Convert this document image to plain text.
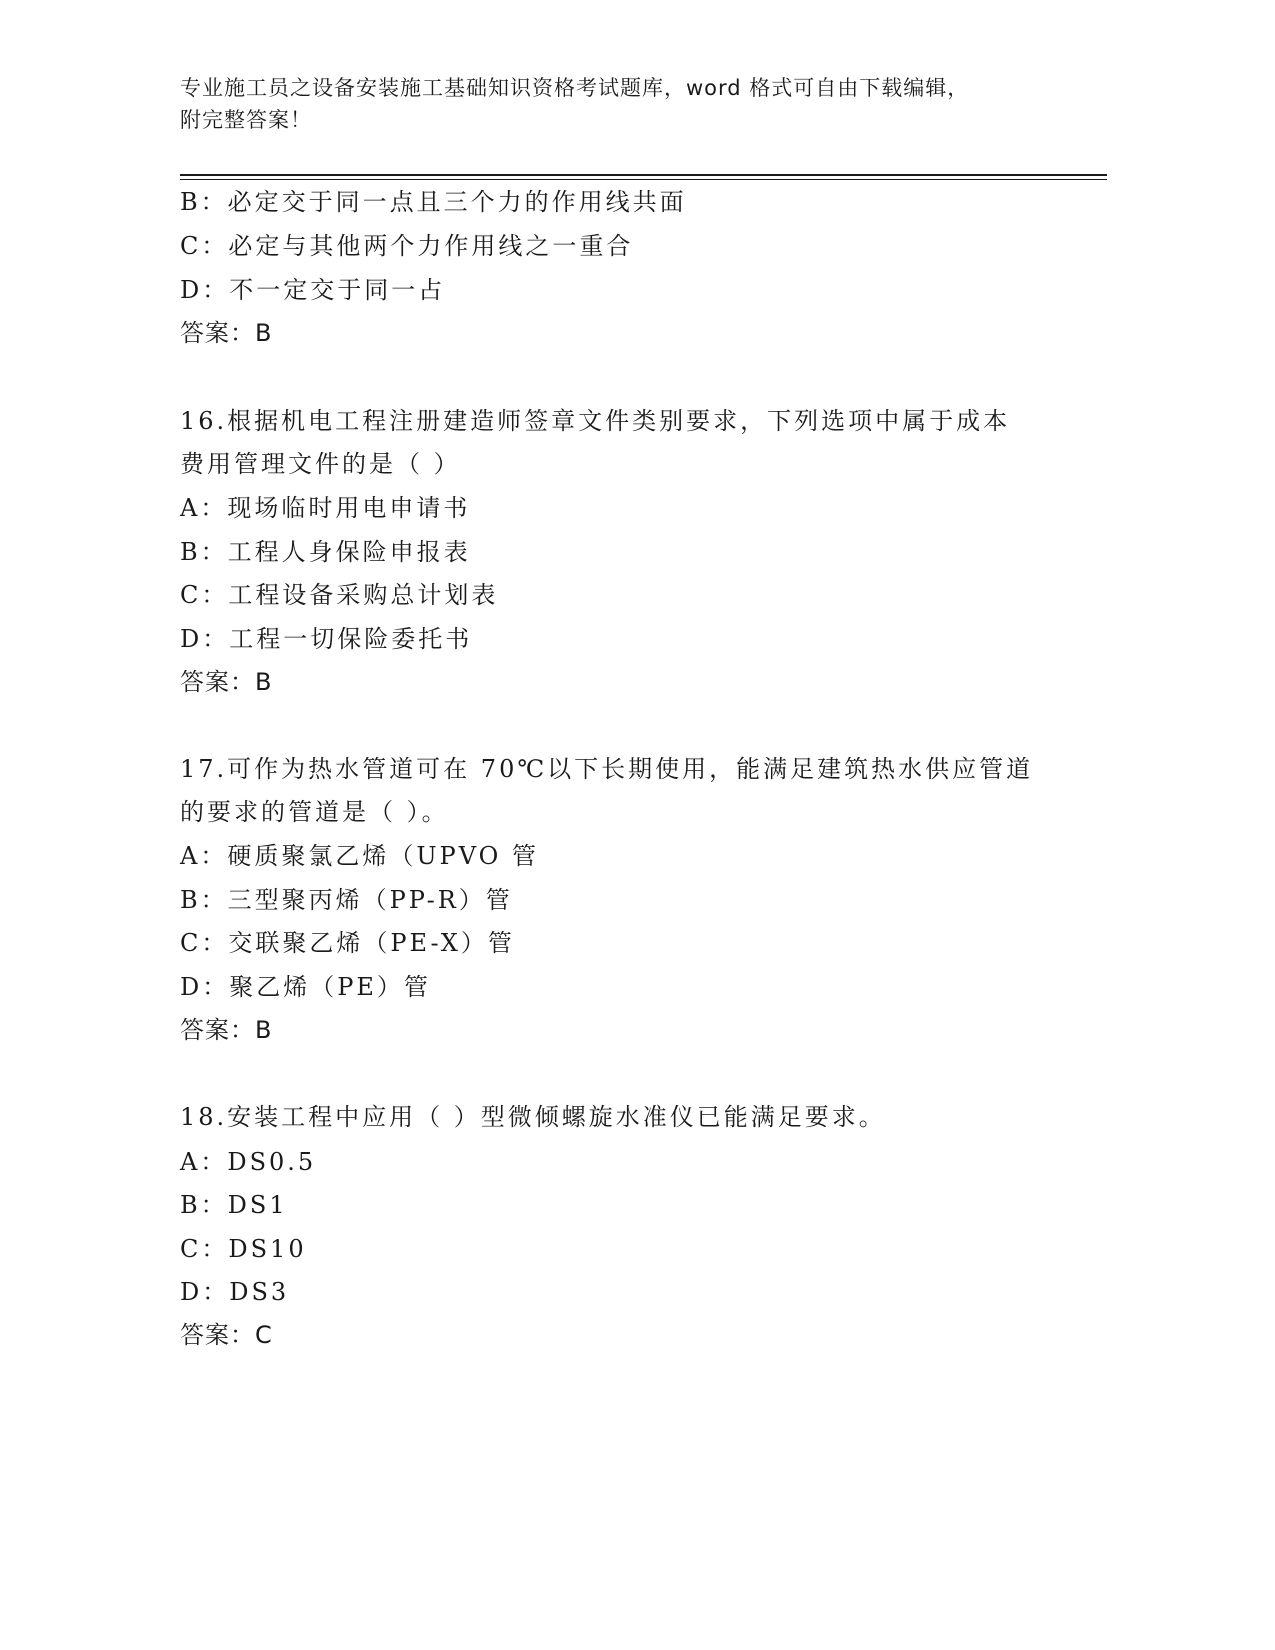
专业施工员之设备安装施工基础知识资格考试题库，word 格式可自由下载编辑，
附完整答案！
B：必定交于同一点且三个力的作用线共面
C：必定与其他两个力作用线之一重合
D：不一定交于同一占
答案：B
16.根据机电工程注册建造师签章文件类别要求，下列选项中属于成本
费用管理文件的是（ ）
A：现场临时用电申请书
B：工程人身保险申报表
C：工程设备采购总计划表
D：工程一切保险委托书
答案：B
17.可作为热水管道可在 70℃以下长期使用，能满足建筑热水供应管道
的要求的管道是（ ）。
A：硬质聚氯乙烯（UPVO 管
B：三型聚丙烯（PP-R）管
C：交联聚乙烯（PE-X）管
D：聚乙烯（PE）管
答案：B
18.安装工程中应用（ ）型微倾螺旋水准仪已能满足要求。
A：DS0.5
B：DS1
C：DS10
D：DS3
答案：C
